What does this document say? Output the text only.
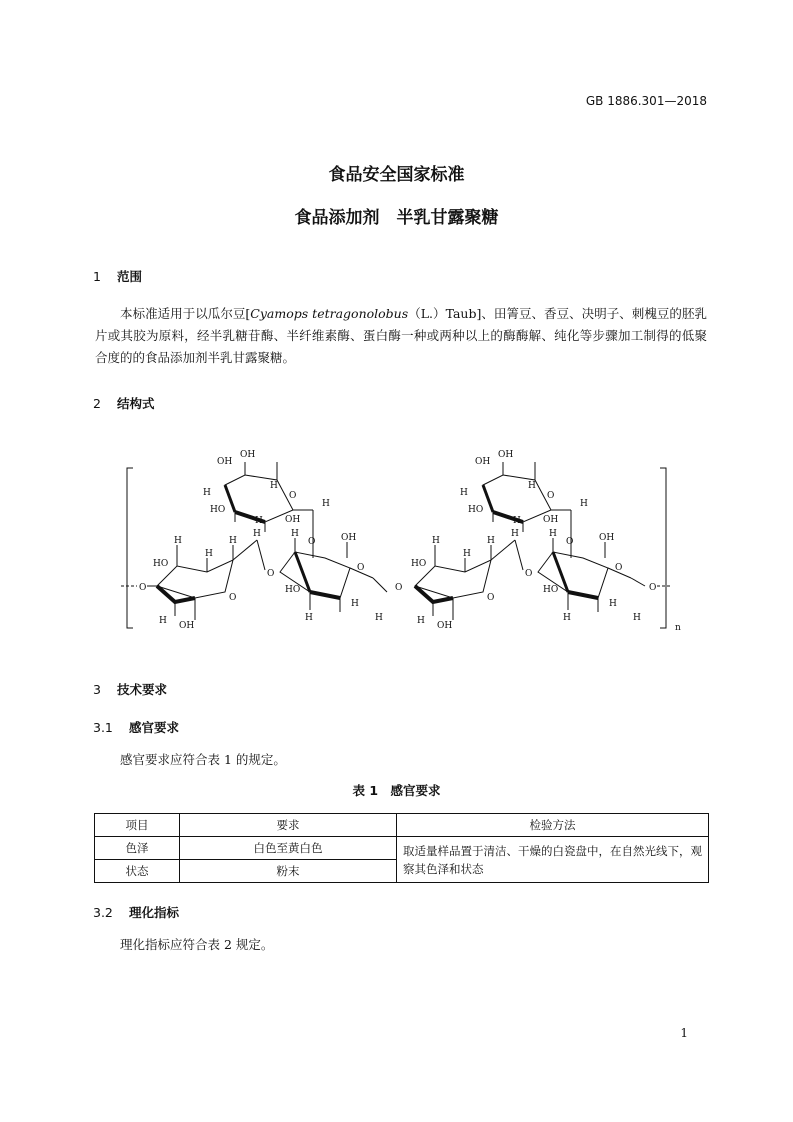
GB 1886.301—2018
食品安全国家标准
食品添加剂　半乳甘露聚糖
1 范围
本标准适用于以瓜尔豆[Cyamops tetragonolobus（L.）Taub]、田箐豆、香豆、决明子、刺槐豆的胚乳片或其胶为原料，经半乳糖苷酶、半纤维素酶、蛋白酶一种或两种以上的酶酶解、纯化等步骤加工制得的低聚合度的的食品添加剂半乳甘露聚糖。
2 结构式
n
OH
OH
H
HO
H OH
H
O
H
O
OH
OH
H
HO
H OH
H
O
H
O
O
H
HO
H
H
H
O
H OH
O
H	OH
O
HO
H
H
H
O
H
HO
H
H
H
O
H OH
O
H	OH
O
HO
H
H
H
O
3 技术要求
3.1 感官要求
感官要求应符合表 1 的规定。
表 1　感官要求
项目	要求	检验方法
色泽	白色至黄白色	取适量样品置于清洁、干燥的白瓷盘中，在自然光线下，观察其色泽和状态
状态	粉末	
3.2 理化指标
理化指标应符合表 2 规定。
1
